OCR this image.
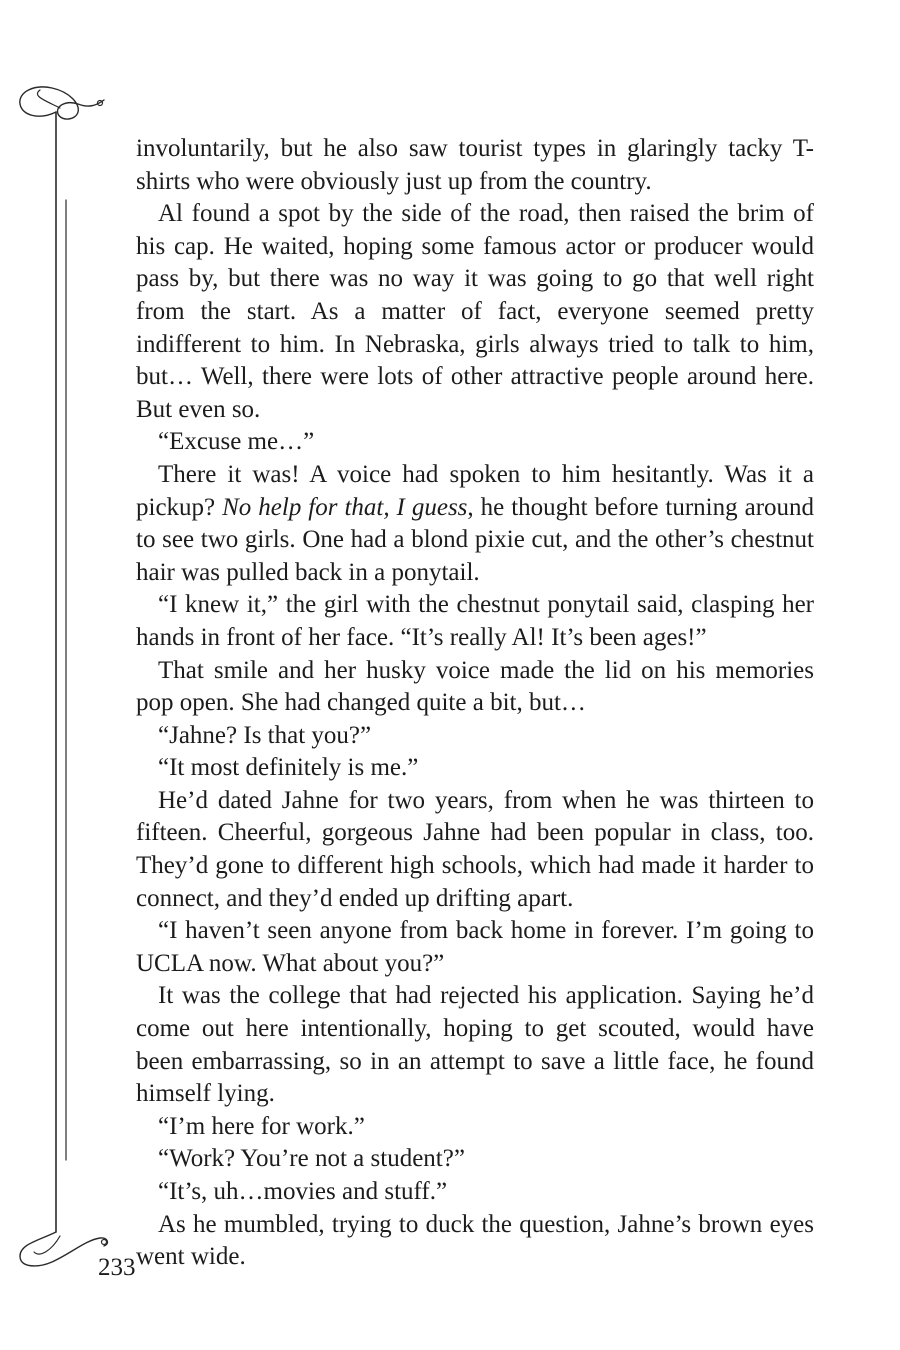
involuntarily, but he also saw tourist types in glaringly tacky T-shirts who were obviously just up from the country.

Al found a spot by the side of the road, then raised the brim of his cap. He waited, hoping some famous actor or producer would pass by, but there was no way it was going to go that well right from the start. As a matter of fact, everyone seemed pretty indifferent to him. In Nebraska, girls always tried to talk to him, but… Well, there were lots of other attractive people around here. But even so.

“Excuse me…”

There it was! A voice had spoken to him hesitantly. Was it a pickup? No help for that, I guess, he thought before turning around to see two girls. One had a blond pixie cut, and the other’s chestnut hair was pulled back in a ponytail.

“I knew it,” the girl with the chestnut ponytail said, clasping her hands in front of her face. “It’s really Al! It’s been ages!”

That smile and her husky voice made the lid on his memories pop open. She had changed quite a bit, but…

“Jahne? Is that you?”

“It most definitely is me.”

He’d dated Jahne for two years, from when he was thirteen to fifteen. Cheerful, gorgeous Jahne had been popular in class, too. They’d gone to different high schools, which had made it harder to connect, and they’d ended up drifting apart.

“I haven’t seen anyone from back home in forever. I’m going to UCLA now. What about you?”

It was the college that had rejected his application. Saying he’d come out here intentionally, hoping to get scouted, would have been embarrassing, so in an attempt to save a little face, he found himself lying.

“I’m here for work.”

“Work? You’re not a student?”

“It’s, uh…movies and stuff.”

As he mumbled, trying to duck the question, Jahne’s brown eyes went wide.

233
